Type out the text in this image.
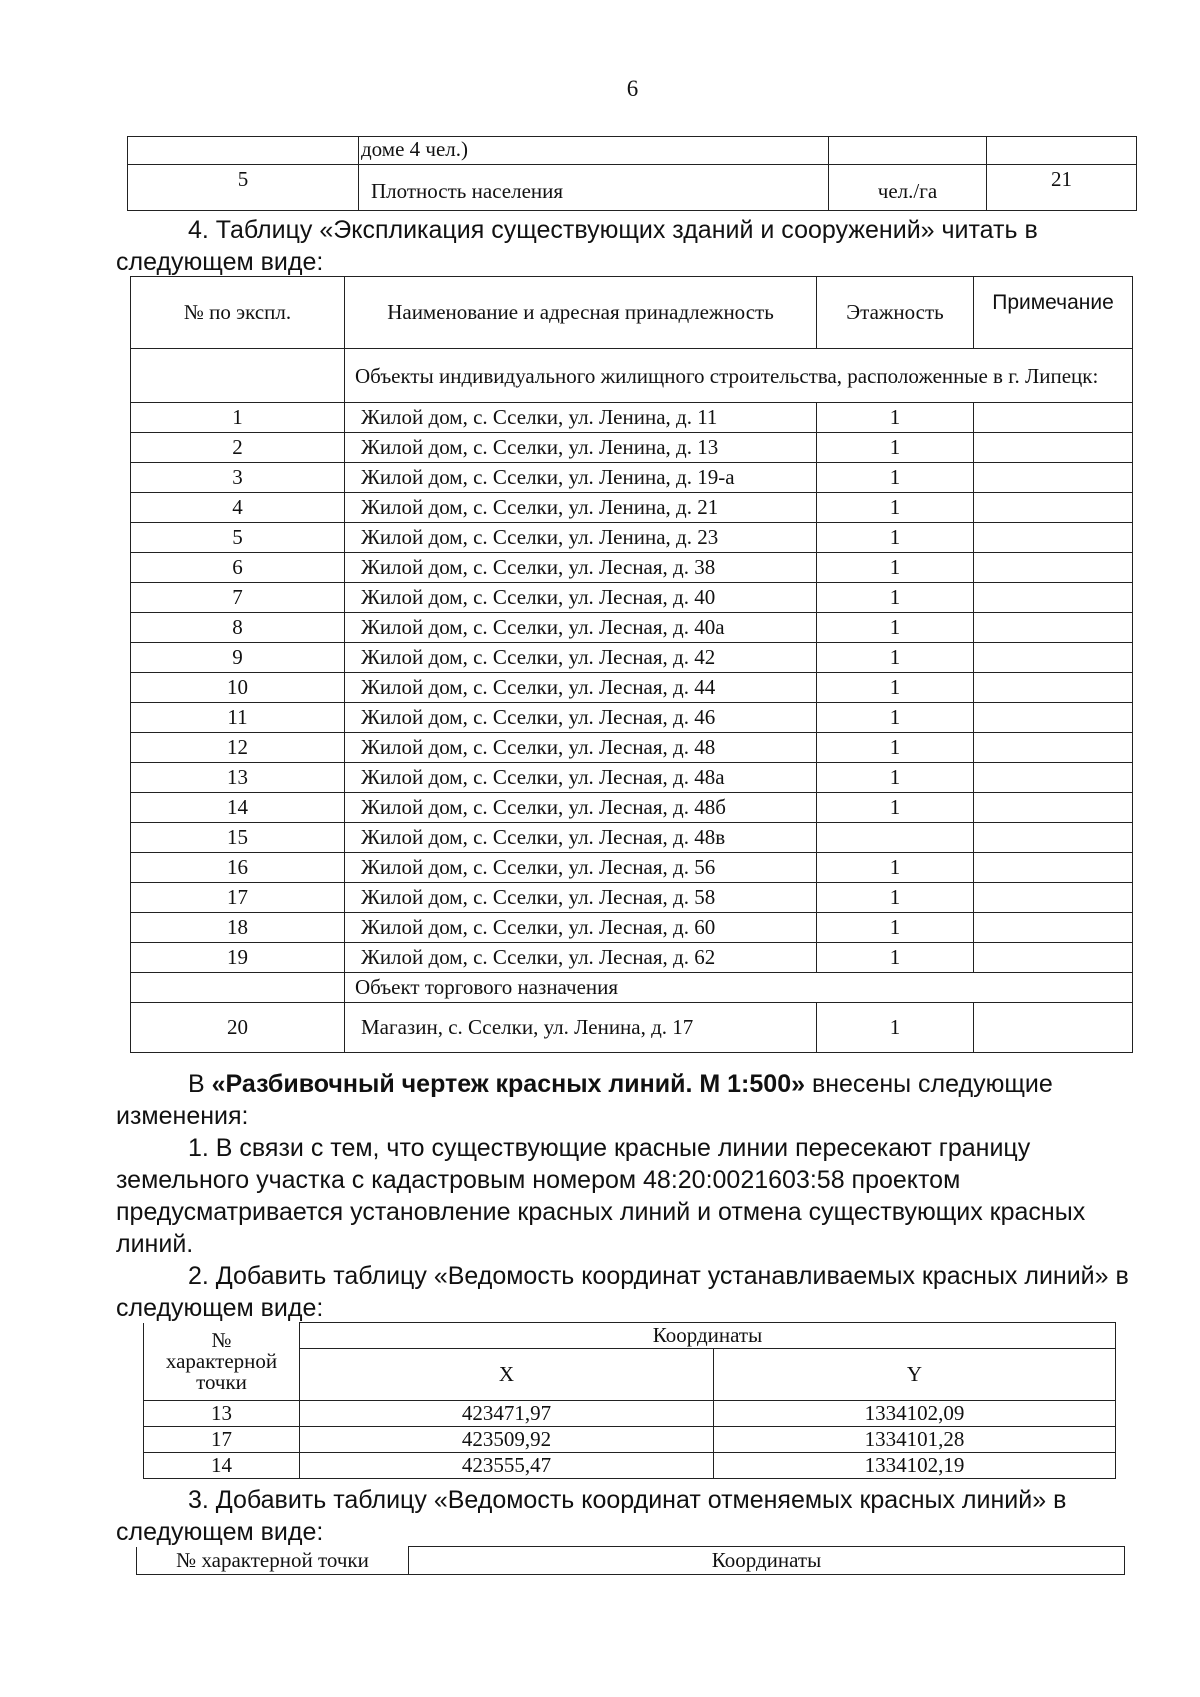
6
	доме 4 чел.)		
5	Плотность населения	чел./га	21

4. Таблицу «Экспликация существующих зданий и сооружений» читать в следующем виде:

№ по экспл.	Наименование и адресная принадлежность	Этажность	Примечание
	Объекты индивидуального жилищного строительства, расположенные в г. Липецк:		
1	Жилой дом, с. Сселки, ул. Ленина, д. 11	1	
2	Жилой дом, с. Сселки, ул. Ленина, д. 13	1	
3	Жилой дом, с. Сселки, ул. Ленина, д. 19-а	1	
4	Жилой дом, с. Сселки, ул. Ленина, д. 21	1	
5	Жилой дом, с. Сселки, ул. Ленина, д. 23	1	
6	Жилой дом, с. Сселки, ул. Лесная, д. 38	1	
7	Жилой дом, с. Сселки, ул. Лесная, д. 40	1	
8	Жилой дом, с. Сселки, ул. Лесная, д. 40а	1	
9	Жилой дом, с. Сселки, ул. Лесная, д. 42	1	
10	Жилой дом, с. Сселки, ул. Лесная, д. 44	1	
11	Жилой дом, с. Сселки, ул. Лесная, д. 46	1	
12	Жилой дом, с. Сселки, ул. Лесная, д. 48	1	
13	Жилой дом, с. Сселки, ул. Лесная, д. 48а	1	
14	Жилой дом, с. Сселки, ул. Лесная, д. 48б	1	
15	Жилой дом, с. Сселки, ул. Лесная, д. 48в		
16	Жилой дом, с. Сселки, ул. Лесная, д. 56	1	
17	Жилой дом, с. Сселки, ул. Лесная, д. 58	1	
18	Жилой дом, с. Сселки, ул. Лесная, д. 60	1	
19	Жилой дом, с. Сселки, ул. Лесная, д. 62	1	
	Объект торгового назначения		
20	Магазин, с. Сселки, ул. Ленина, д. 17	1	

В «Разбивочный чертеж красных линий. М 1:500» внесены следующие изменения:

1. В связи с тем, что существующие красные линии пересекают границу земельного участка с кадастровым номером 48:20:0021603:58 проектом предусматривается установление красных линий и отмена существующих красных линий.

2. Добавить таблицу «Ведомость координат устанавливаемых красных линий» в следующем виде:

№
характерной
точки	Координаты	
	X	Y
13	423471,97	1334102,09
17	423509,92	1334101,28
14	423555,47	1334102,19

3. Добавить таблицу «Ведомость координат отменяемых красных линий» в следующем виде:

№ характерной точки	Координаты
